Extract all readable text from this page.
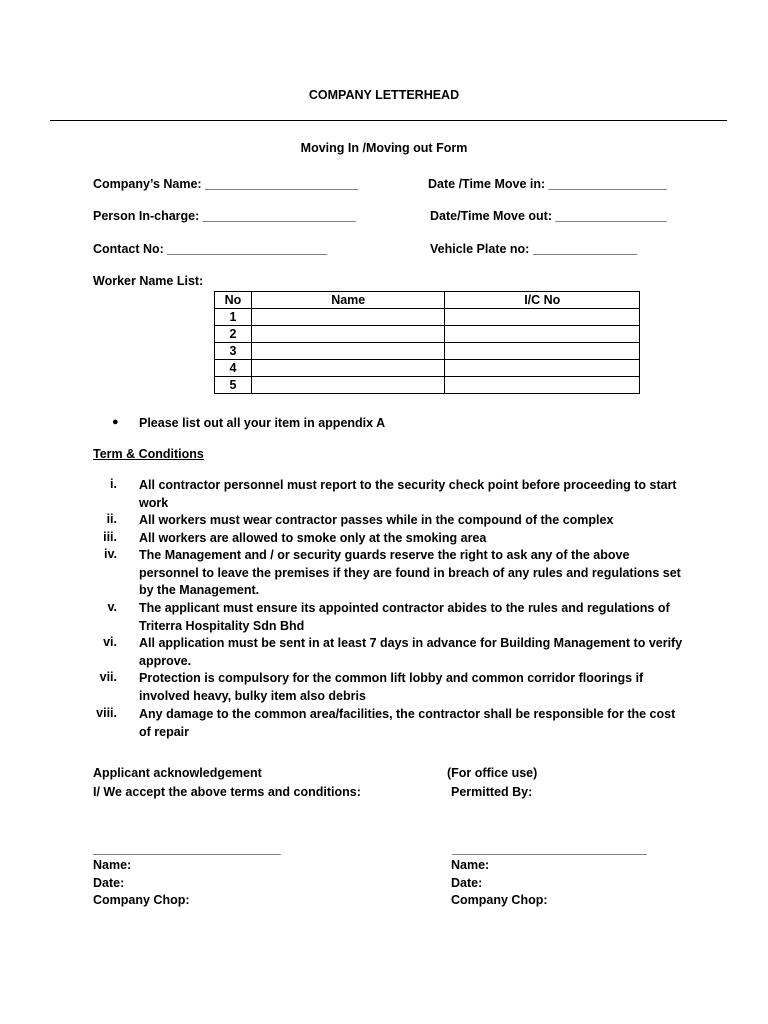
COMPANY LETTERHEAD
Moving In /Moving out Form
Company’s Name: ______________________	Date /Time Move in: _________________
Person In-charge: ______________________	Date/Time Move out: ________________
Contact No: _______________________	Vehicle Plate no: _______________
Worker Name List:
No	Name	I/C No
1		
2		
3		
4		
5		
● Please list out all your item in appendix A
Term & Conditions
i. All contractor personnel must report to the security check point before proceeding to start work
ii. All workers must wear contractor passes while in the compound of the complex
iii. All workers are allowed to smoke only at the smoking area
iv. The Management and / or security guards reserve the right to ask any of the above personnel to leave the premises if they are found in breach of any rules and regulations set by the Management.
v. The applicant must ensure its appointed contractor abides to the rules and regulations of Triterra Hospitality Sdn Bhd
vi. All application must be sent in at least 7 days in advance for Building Management to verify approve.
vii. Protection is compulsory for the common lift lobby and common corridor floorings if involved heavy, bulky item also debris
viii. Any damage to the common area/facilities, the contractor shall be responsible for the cost of repair
Applicant acknowledgement
I/ We accept the above terms and conditions:
(For office use)
Permitted By:
___________________________	____________________________
Name:
Date:
Company Chop:
Name:
Date:
Company Chop:
